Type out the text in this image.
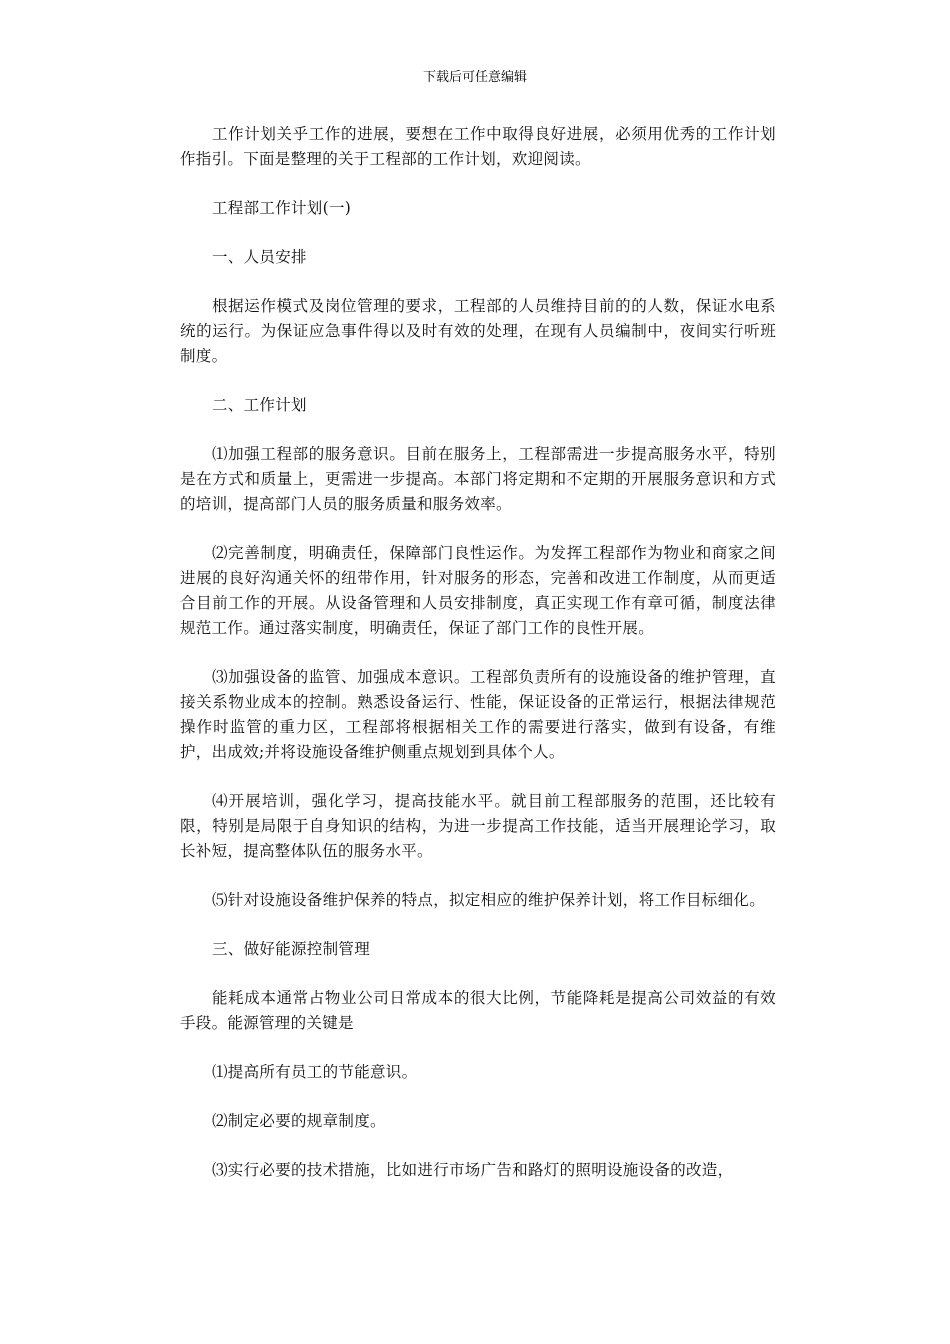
下载后可任意编辑

工作计划关乎工作的进展，要想在工作中取得良好进展，必须用优秀的工作计划作指引。下面是整理的关于工程部的工作计划，欢迎阅读。

工程部工作计划(一)

一、人员安排

根据运作模式及岗位管理的要求，工程部的人员维持目前的的人数，保证水电系统的运行。为保证应急事件得以及时有效的处理，在现有人员编制中，夜间实行听班制度。

二、工作计划

⑴加强工程部的服务意识。目前在服务上，工程部需进一步提高服务水平，特别是在方式和质量上，更需进一步提高。本部门将定期和不定期的开展服务意识和方式的培训，提高部门人员的服务质量和服务效率。

⑵完善制度，明确责任，保障部门良性运作。为发挥工程部作为物业和商家之间进展的良好沟通关怀的纽带作用，针对服务的形态，完善和改进工作制度，从而更适合目前工作的开展。从设备管理和人员安排制度，真正实现工作有章可循，制度法律规范工作。通过落实制度，明确责任，保证了部门工作的良性开展。

⑶加强设备的监管、加强成本意识。工程部负责所有的设施设备的维护管理，直接关系物业成本的控制。熟悉设备运行、性能，保证设备的正常运行，根据法律规范操作时监管的重力区，工程部将根据相关工作的需要进行落实，做到有设备，有维护，出成效;并将设施设备维护侧重点规划到具体个人。

⑷开展培训，强化学习，提高技能水平。就目前工程部服务的范围，还比较有限，特别是局限于自身知识的结构，为进一步提高工作技能，适当开展理论学习，取长补短，提高整体队伍的服务水平。

⑸针对设施设备维护保养的特点，拟定相应的维护保养计划，将工作目标细化。

三、做好能源控制管理

能耗成本通常占物业公司日常成本的很大比例，节能降耗是提高公司效益的有效手段。能源管理的关键是

⑴提高所有员工的节能意识。

⑵制定必要的规章制度。

⑶实行必要的技术措施，比如进行市场广告和路灯的照明设施设备的改造，
